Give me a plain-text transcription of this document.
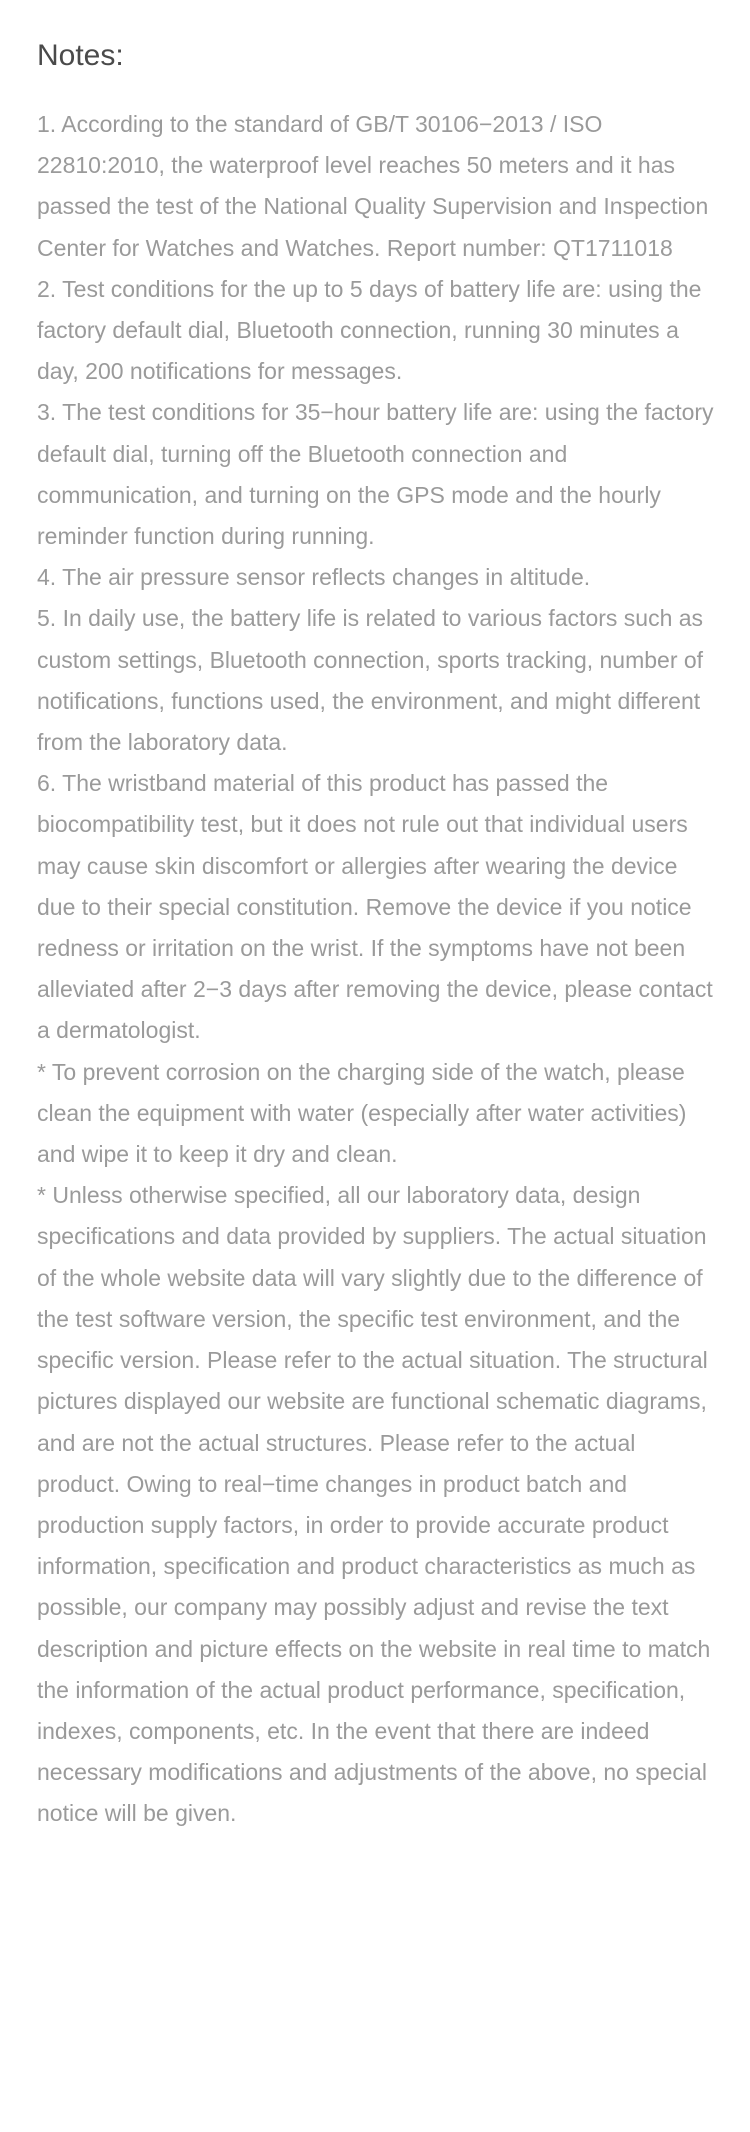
Notes:

1. According to the standard of GB/T 30106−2013 / ISO 22810:2010, the waterproof level reaches 50 meters and it has passed the test of the National Quality Supervision and Inspection Center for Watches and Watches. Report number: QT1711018

2. Test conditions for the up to 5 days of battery life are: using the factory default dial, Bluetooth connection, running 30 minutes a day, 200 notifications for messages.

3. The test conditions for 35−hour battery life are: using the factory default dial, turning off the Bluetooth connection and communication, and turning on the GPS mode and the hourly reminder function during running.

4. The air pressure sensor reflects changes in altitude.

5. In daily use, the battery life is related to various factors such as custom settings, Bluetooth connection, sports tracking, number of notifications, functions used, the environment, and might different from the laboratory data.

6. The wristband material of this product has passed the biocompatibility test, but it does not rule out that individual users may cause skin discomfort or allergies after wearing the device due to their special constitution. Remove the device if you notice redness or irritation on the wrist. If the symptoms have not been alleviated after 2−3 days after removing the device, please contact a dermatologist.

* To prevent corrosion on the charging side of the watch, please clean the equipment with water (especially after water activities) and wipe it to keep it dry and clean.

* Unless otherwise specified, all our laboratory data, design specifications and data provided by suppliers. The actual situation of the whole website data will vary slightly due to the difference of the test software version, the specific test environment, and the specific version. Please refer to the actual situation. The structural pictures displayed our website are functional schematic diagrams, and are not the actual structures. Please refer to the actual product. Owing to real−time changes in product batch and production supply factors, in order to provide accurate product information, specification and product characteristics as much as possible, our company may possibly adjust and revise the text description and picture effects on the website in real time to match the information of the actual product performance, specification, indexes, components, etc. In the event that there are indeed necessary modifications and adjustments of the above, no special notice will be given.
